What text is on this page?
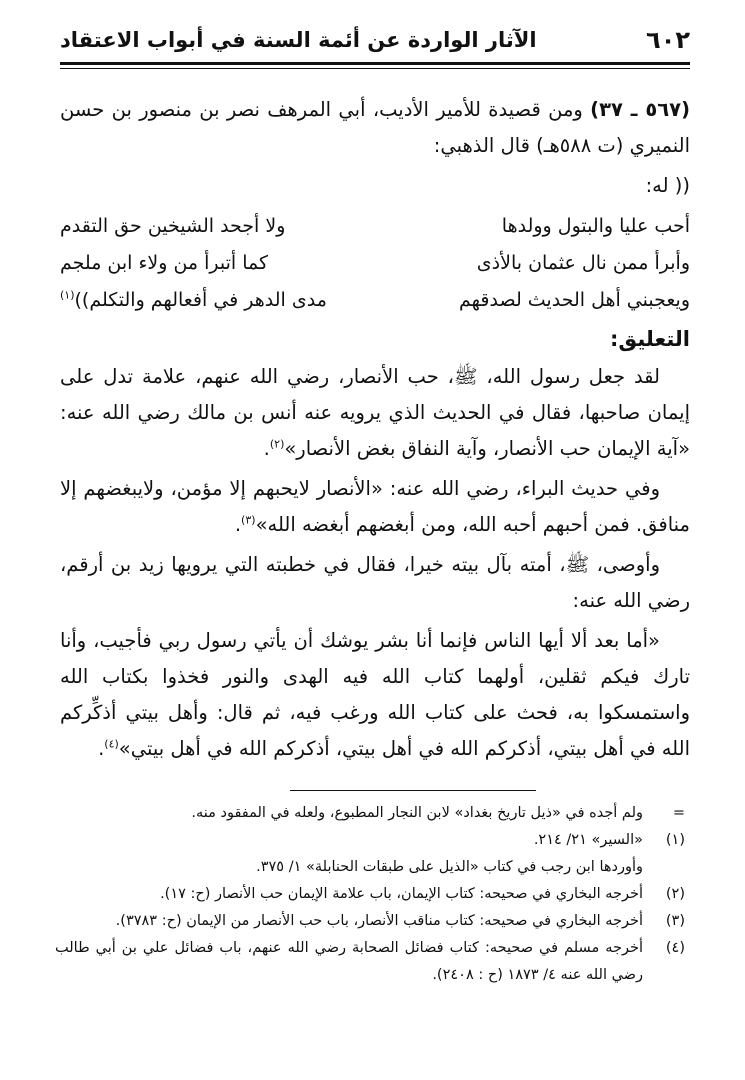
٦٠٢
الآثار الواردة عن أئمة السنة في أبواب الاعتقاد

(٥٦٧ ـ ٣٧) ومن قصيدة للأمير الأديب، أبي المرهف نصر بن منصور بن حسن النميري (ت ٥٨٨هـ) قال الذهبي:

(( له:

أحب عليا والبتول وولدها
ولا أجحد الشيخين حق التقدم
وأبرأ ممن نال عثمان بالأذى
كما أتبرأ من ولاء ابن ملجم
ويعجبني أهل الحديث لصدقهم
مدى الدهر في أفعالهم والتكلم))$^{(١)}$
التعليق:

لقد جعل رسول الله، ﷺ، حب الأنصار، رضي الله عنهم، علامة تدل على إيمان صاحبها، فقال في الحديث الذي يرويه عنه أنس بن مالك رضي الله عنه: «آية الإيمان حب الأنصار، وآية النفاق بغض الأنصار»$^{(٢)}$.

وفي حديث البراء، رضي الله عنه: «الأنصار لايحبهم إلا مؤمن، ولايبغضهم إلا منافق. فمن أحبهم أحبه الله، ومن أبغضهم أبغضه الله»$^{(٣)}$.

وأوصى، ﷺ، أمته بآل بيته خيرا، فقال في خطبته التي يرويها زيد بن أرقم، رضي الله عنه:

«أما بعد ألا أيها الناس فإنما أنا بشر يوشك أن يأتي رسول ربي فأجيب، وأنا تارك فيكم ثقلين، أولهما كتاب الله فيه الهدى والنور فخذوا بكتاب الله واستمسكوا به، فحث على كتاب الله ورغب فيه، ثم قال: وأهل بيتي أذكِّركم الله في أهل بيتي، أذكركم الله في أهل بيتي، أذكركم الله في أهل بيتي»$^{(٤)}$.

=
ولم أجده في «ذيل تاريخ بغداد» لابن النجار المطبوع، ولعله في المفقود منه.
(١)
«السير» ٢١/ ٢١٤.
وأوردها ابن رجب في كتاب «الذيل على طبقات الحنابلة» ١/ ٣٧٥.
(٢)
أخرجه البخاري في صحيحه: كتاب الإيمان، باب علامة الإيمان حب الأنصار (ح: ١٧).
(٣)
أخرجه البخاري في صحيحه: كتاب مناقب الأنصار، باب حب الأنصار من الإيمان (ح: ٣٧٨٣).
(٤)
أخرجه مسلم في صحيحه: كتاب فضائل الصحابة رضي الله عنهم، باب فضائل علي بن أبي طالب رضي الله عنه ٤/ ١٨٧٣ (ح : ٢٤٠٨).
